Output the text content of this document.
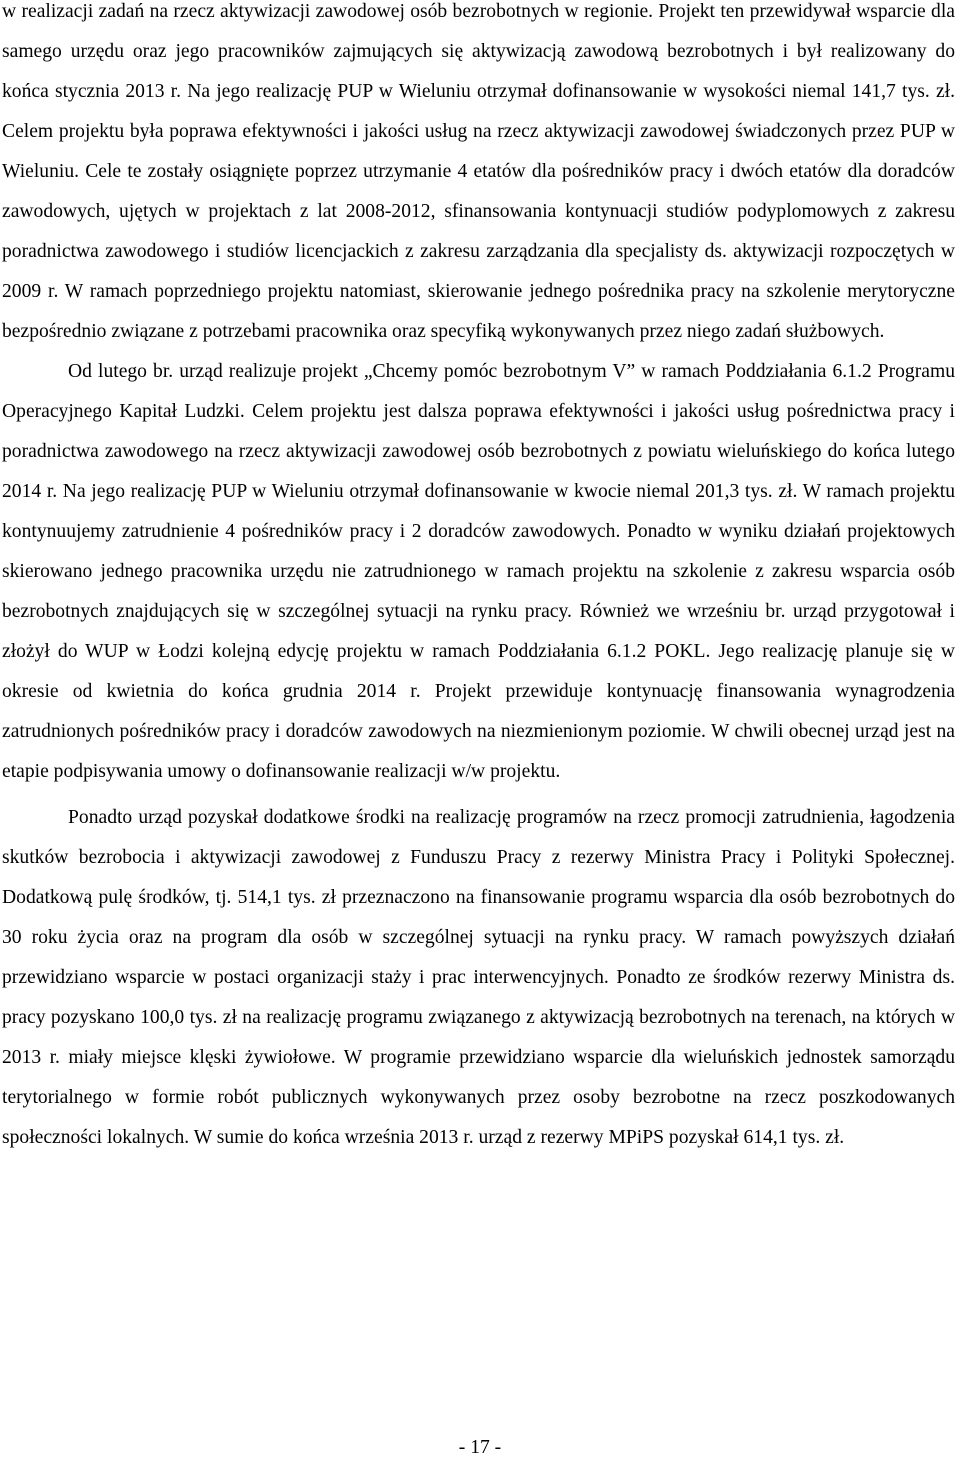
w realizacji zadań na rzecz aktywizacji zawodowej osób bezrobotnych w regionie. Projekt ten przewidywał wsparcie dla samego urzędu oraz jego pracowników zajmujących się aktywizacją zawodową bezrobotnych i był realizowany do końca stycznia 2013 r. Na jego realizację PUP w Wieluniu otrzymał dofinansowanie w wysokości niemal 141,7 tys. zł. Celem projektu była poprawa efektywności i jakości usług na rzecz aktywizacji zawodowej świadczonych przez PUP w Wieluniu. Cele te zostały osiągnięte poprzez utrzymanie 4 etatów dla pośredników pracy i dwóch etatów dla doradców zawodowych, ujętych w projektach z lat 2008-2012, sfinansowania kontynuacji studiów podyplomowych z zakresu poradnictwa zawodowego i studiów licencjackich z zakresu zarządzania dla specjalisty ds. aktywizacji rozpoczętych w 2009 r. W ramach poprzedniego projektu natomiast, skierowanie jednego pośrednika pracy na szkolenie merytoryczne bezpośrednio związane z potrzebami pracownika oraz specyfiką wykonywanych przez niego zadań służbowych.

Od lutego br. urząd realizuje projekt „Chcemy pomóc bezrobotnym V” w ramach Poddziałania 6.1.2 Programu Operacyjnego Kapitał Ludzki. Celem projektu jest dalsza poprawa efektywności i jakości usług pośrednictwa pracy i poradnictwa zawodowego na rzecz aktywizacji zawodowej osób bezrobotnych z powiatu wieluńskiego do końca lutego 2014 r. Na jego realizację PUP w Wieluniu otrzymał dofinansowanie w kwocie niemal 201,3 tys. zł. W ramach projektu kontynuujemy zatrudnienie 4 pośredników pracy i 2 doradców zawodowych. Ponadto w wyniku działań projektowych skierowano jednego pracownika urzędu nie zatrudnionego w ramach projektu na szkolenie z zakresu wsparcia osób bezrobotnych znajdujących się w szczególnej sytuacji na rynku pracy. Również we wrześniu br. urząd przygotował i złożył do WUP w Łodzi kolejną edycję projektu w ramach Poddziałania 6.1.2 POKL. Jego realizację planuje się w okresie od kwietnia do końca grudnia 2014 r. Projekt przewiduje kontynuację finansowania wynagrodzenia zatrudnionych pośredników pracy i doradców zawodowych na niezmienionym poziomie. W chwili obecnej urząd jest na etapie podpisywania umowy o dofinansowanie realizacji w/w projektu.

Ponadto urząd pozyskał dodatkowe środki na realizację programów na rzecz promocji zatrudnienia, łagodzenia skutków bezrobocia i aktywizacji zawodowej z Funduszu Pracy z rezerwy Ministra Pracy i Polityki Społecznej. Dodatkową pulę środków, tj. 514,1 tys. zł przeznaczono na finansowanie programu wsparcia dla osób bezrobotnych do 30 roku życia oraz na program dla osób w szczególnej sytuacji na rynku pracy. W ramach powyższych działań przewidziano wsparcie w postaci organizacji staży i prac interwencyjnych. Ponadto ze środków rezerwy Ministra ds. pracy pozyskano 100,0 tys. zł na realizację programu związanego z aktywizacją bezrobotnych na terenach, na których w 2013 r. miały miejsce klęski żywiołowe. W programie przewidziano wsparcie dla wieluńskich jednostek samorządu terytorialnego w formie robót publicznych wykonywanych przez osoby bezrobotne na rzecz poszkodowanych społeczności lokalnych. W sumie do końca września 2013 r. urząd z rezerwy MPiPS pozyskał 614,1 tys. zł.

- 17 -
